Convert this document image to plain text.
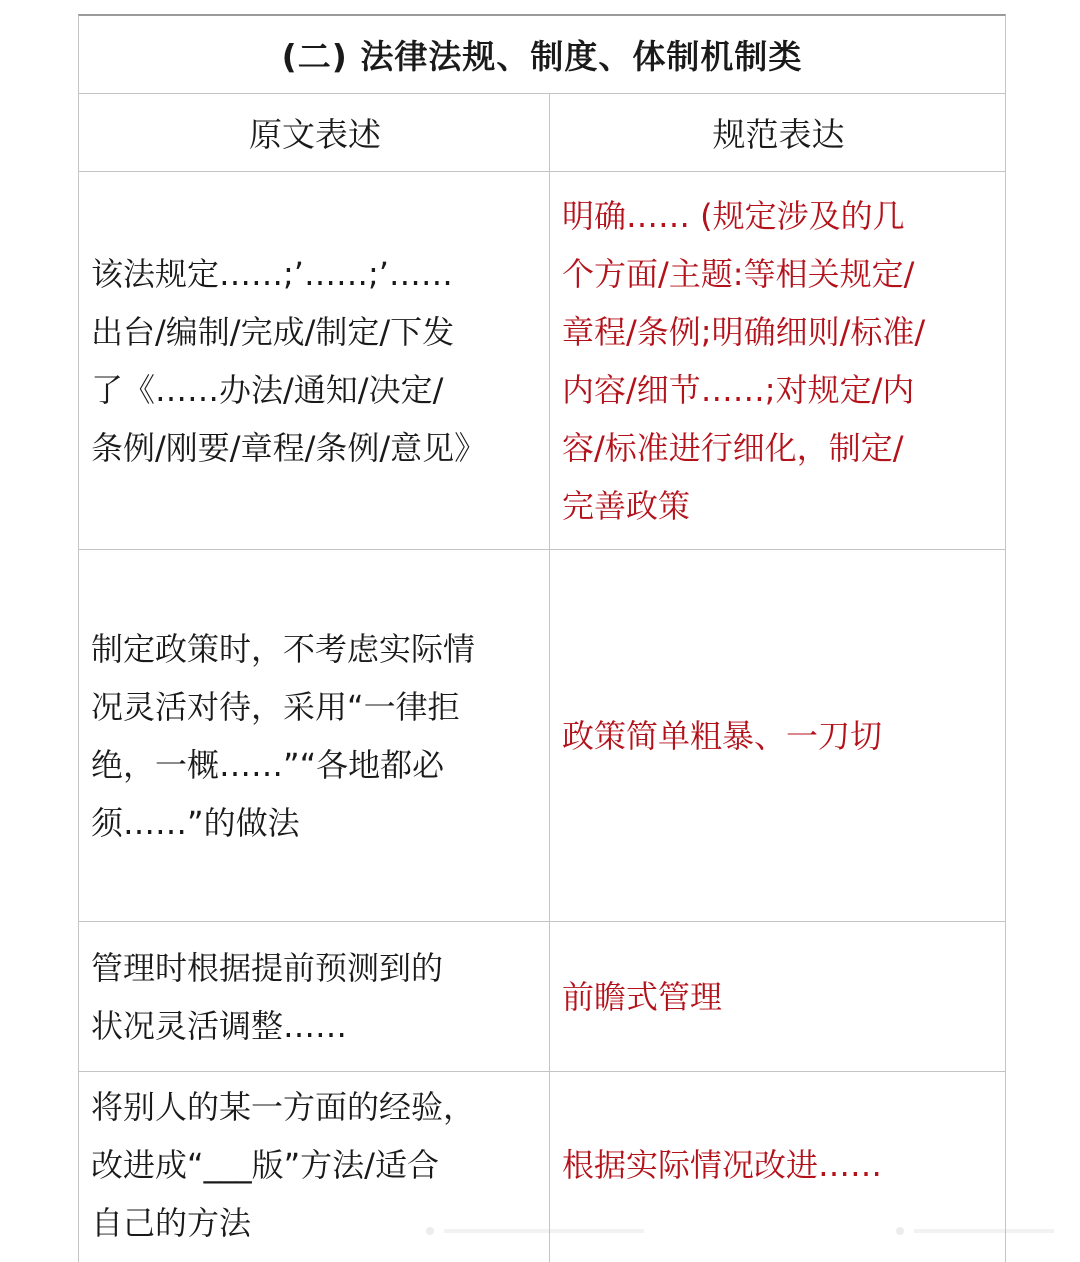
(二) 法律法规、制度、体制机制类
原文表述	规范表达
该法规定……;’……;’……
出台/编制/完成/制定/下发
了《……办法/通知/决定/
条例/刚要/章程/条例/意见》
明确…… (规定涉及的几
个方面/主题:等相关规定/
章程/条例;明确细则/标准/
内容/细节……;对规定/内
容/标准进行细化，制定/
完善政策
制定政策时，不考虑实际情
况灵活对待，采用“一律拒
绝，一概……”“各地都必
须……”的做法
政策简单粗暴、一刀切
管理时根据提前预测到的
状况灵活调整……
前瞻式管理
将别人的某一方面的经验，
改进成“___版”方法/适合
自己的方法
根据实际情况改进……
